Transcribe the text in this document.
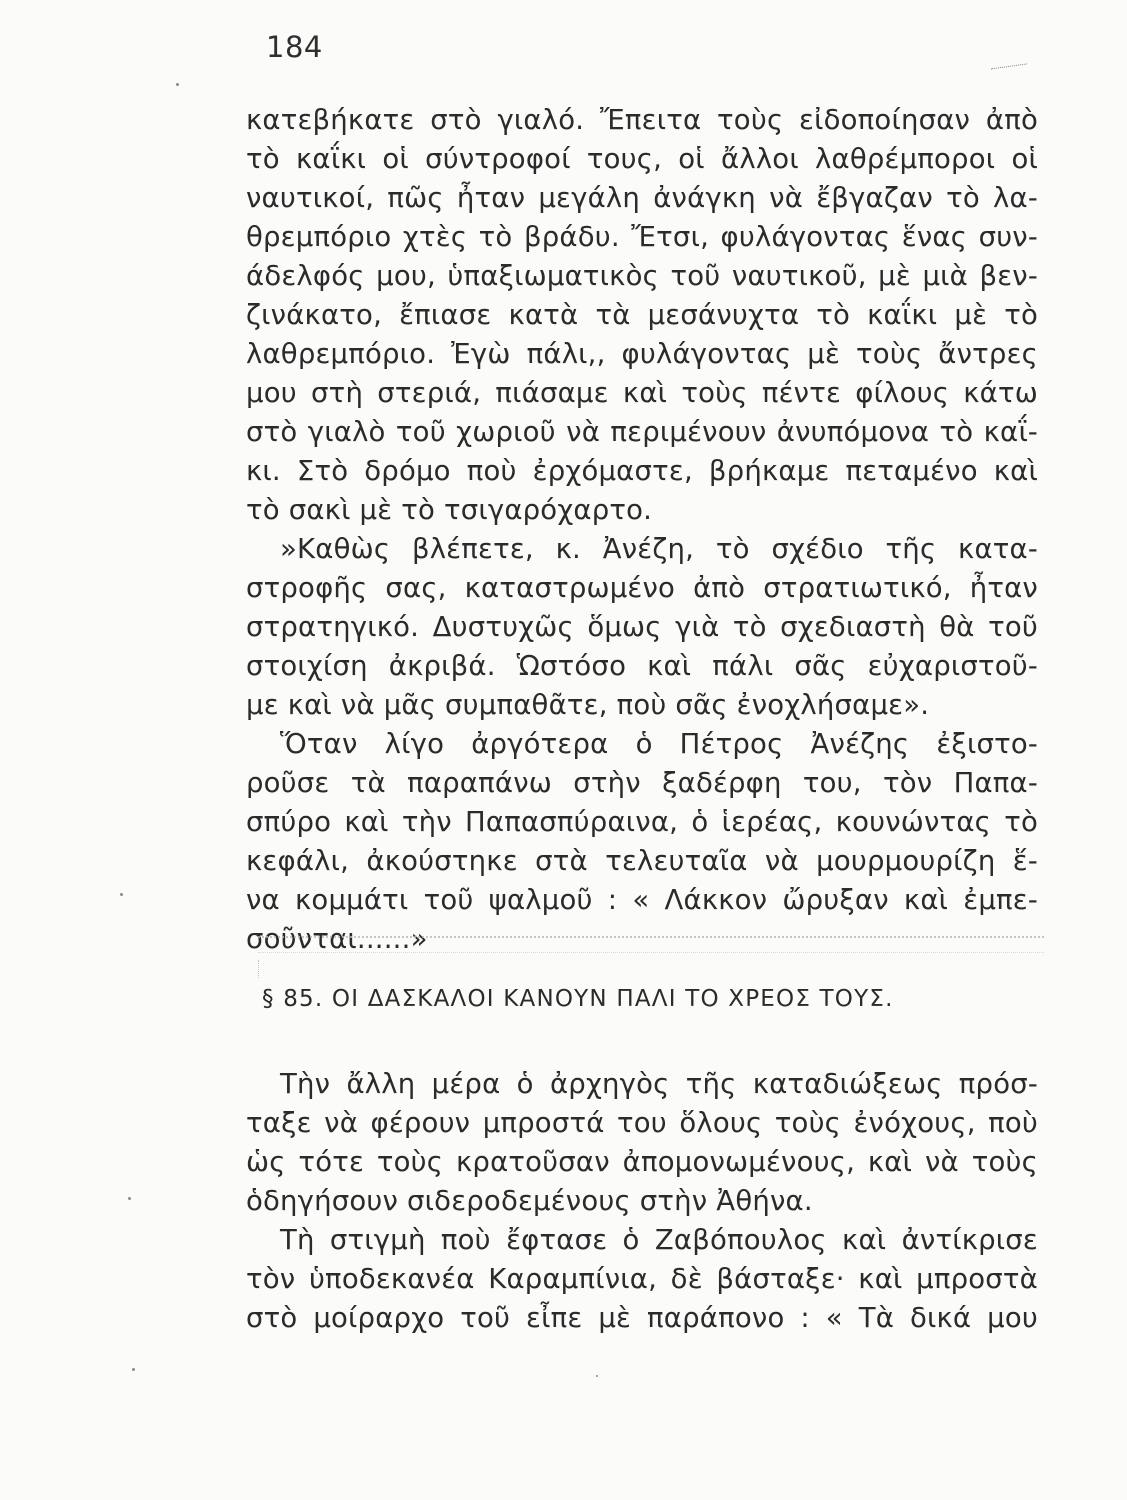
184
κατεβήκατε στὸ γιαλό. Ἔπειτα τοὺς εἰδοποίησαν ἀπὸ
τὸ καΐκι οἱ σύντροφοί τους, οἱ ἄλλοι λαθρέμποροι οἱ
ναυτικοί, πῶς ἦταν μεγάλη ἀνάγκη νὰ ἔβγαζαν τὸ λα-
θρεμπόριο χτὲς τὸ βράδυ. Ἔτσι, φυλάγοντας ἕνας συν-
άδελφός μου, ὑπαξιωματικὸς τοῦ ναυτικοῦ, μὲ μιὰ βεν-
ζινάκατο, ἔπιασε κατὰ τὰ μεσάνυχτα τὸ καΐκι μὲ τὸ
λαθρεμπόριο. Ἐγὼ πάλι,, φυλάγοντας μὲ τοὺς ἄντρες
μου στὴ στεριά, πιάσαμε καὶ τοὺς πέντε φίλους κάτω
στὸ γιαλὸ τοῦ χωριοῦ νὰ περιμένουν ἀνυπόμονα τὸ καΐ-
κι. Στὸ δρόμο ποὺ ἐρχόμαστε, βρήκαμε πεταμένο καὶ
τὸ σακὶ μὲ τὸ τσιγαρόχαρτο.
»Καθὼς βλέπετε, κ. Ἀνέζη, τὸ σχέδιο τῆς κατα-
στροφῆς σας, καταστρωμένο ἀπὸ στρατιωτικό, ἦταν
στρατηγικό. Δυστυχῶς ὅμως γιὰ τὸ σχεδιαστὴ θὰ τοῦ
στοιχίση ἀκριβά. Ὡστόσο καὶ πάλι σᾶς εὐχαριστοῦ-
με καὶ νὰ μᾶς συμπαθᾶτε, ποὺ σᾶς ἐνοχλήσαμε».
Ὅταν λίγο ἀργότερα ὁ Πέτρος Ἀνέζης ἐξιστο-
ροῦσε τὰ παραπάνω στὴν ξαδέρφη του, τὸν Παπα-
σπύρο καὶ τὴν Παπασπύραινα, ὁ ἱερέας, κουνώντας τὸ
κεφάλι, ἀκούστηκε στὰ τελευταῖα νὰ μουρμουρίζη ἕ-
να κομμάτι τοῦ ψαλμοῦ : « Λάκκον ὤρυξαν καὶ ἐμπε-
σοῦνται......»
§ 85. ΟΙ ΔΑΣΚΑΛΟΙ ΚΑΝΟΥΝ ΠΑΛΙ ΤΟ ΧΡΕΟΣ ΤΟΥΣ.
Τὴν ἄλλη μέρα ὁ ἀρχηγὸς τῆς καταδιώξεως πρόσ-
ταξε νὰ φέρουν μπροστά του ὅλους τοὺς ἐνόχους, ποὺ
ὡς τότε τοὺς κρατοῦσαν ἀπομονωμένους, καὶ νὰ τοὺς
ὁδηγήσουν σιδεροδεμένους στὴν Ἀθήνα.
Τὴ στιγμὴ ποὺ ἔφτασε ὁ Ζαβόπουλος καὶ ἀντίκρισε
τὸν ὑποδεκανέα Καραμπίνια, δὲ βάσταξε· καὶ μπροστὰ
στὸ μοίραρχο τοῦ εἶπε μὲ παράπονο : « Τὰ δικά μου
